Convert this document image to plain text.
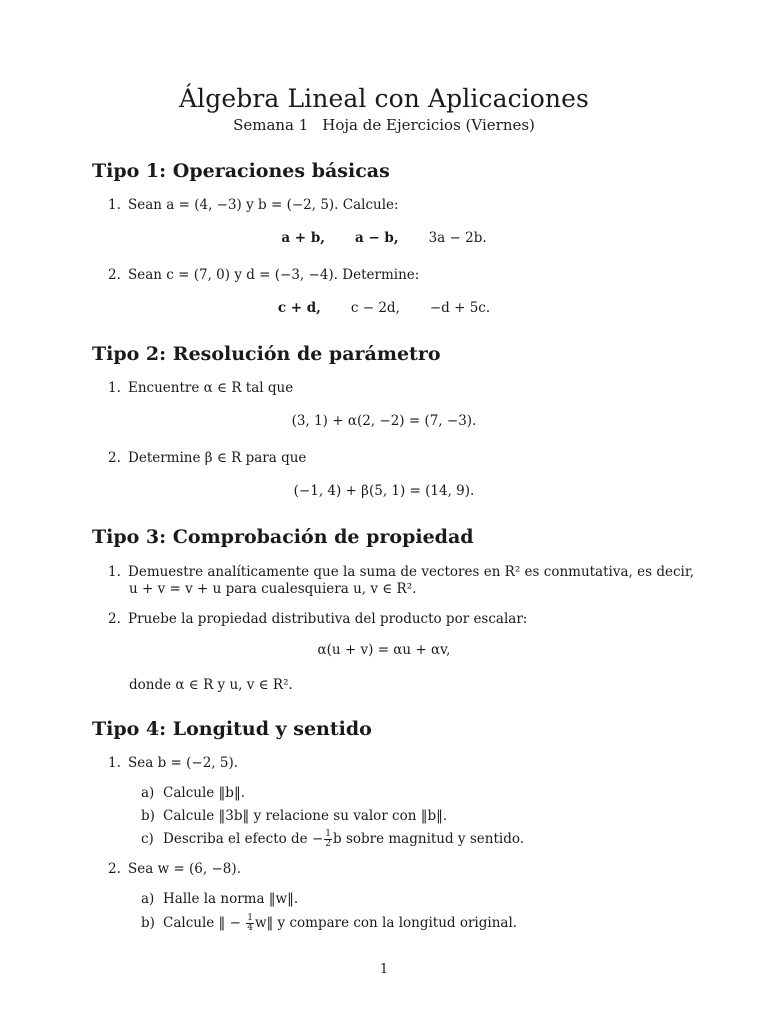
Álgebra Lineal con Aplicaciones
Semana 1 Hoja de Ejercicios (Viernes)
Tipo 1: Operaciones básicas
1. Sean a = (4, −3) y b = (−2, 5). Calcule:
a + b, a − b, 3a − 2b.
2. Sean c = (7, 0) y d = (−3, −4). Determine:
c + d, c − 2d, −d + 5c.
Tipo 2: Resolución de parámetro
1. Encuentre α ∈ R tal que
(3, 1) + α(2, −2) = (7, −3).
2. Determine β ∈ R para que
(−1, 4) + β(5, 1) = (14, 9).
Tipo 3: Comprobación de propiedad
1. Demuestre analíticamente que la suma de vectores en R² es conmutativa, es decir,
u + v = v + u para cualesquiera u, v ∈ R².
2. Pruebe la propiedad distributiva del producto por escalar:
α(u + v) = αu + αv,
donde α ∈ R y u, v ∈ R².
Tipo 4: Longitud y sentido
1. Sea b = (−2, 5).
a) Calcule ‖b‖.
b) Calcule ‖3b‖ y relacione su valor con ‖b‖.
c) Describa el efecto de − $\frac{1}{2}$ b sobre magnitud y sentido.
2. Sea w = (6, −8).
a) Halle la norma ‖w‖.
b) Calcule ‖ − $\frac{1}{4}$ w‖ y compare con la longitud original.
1
